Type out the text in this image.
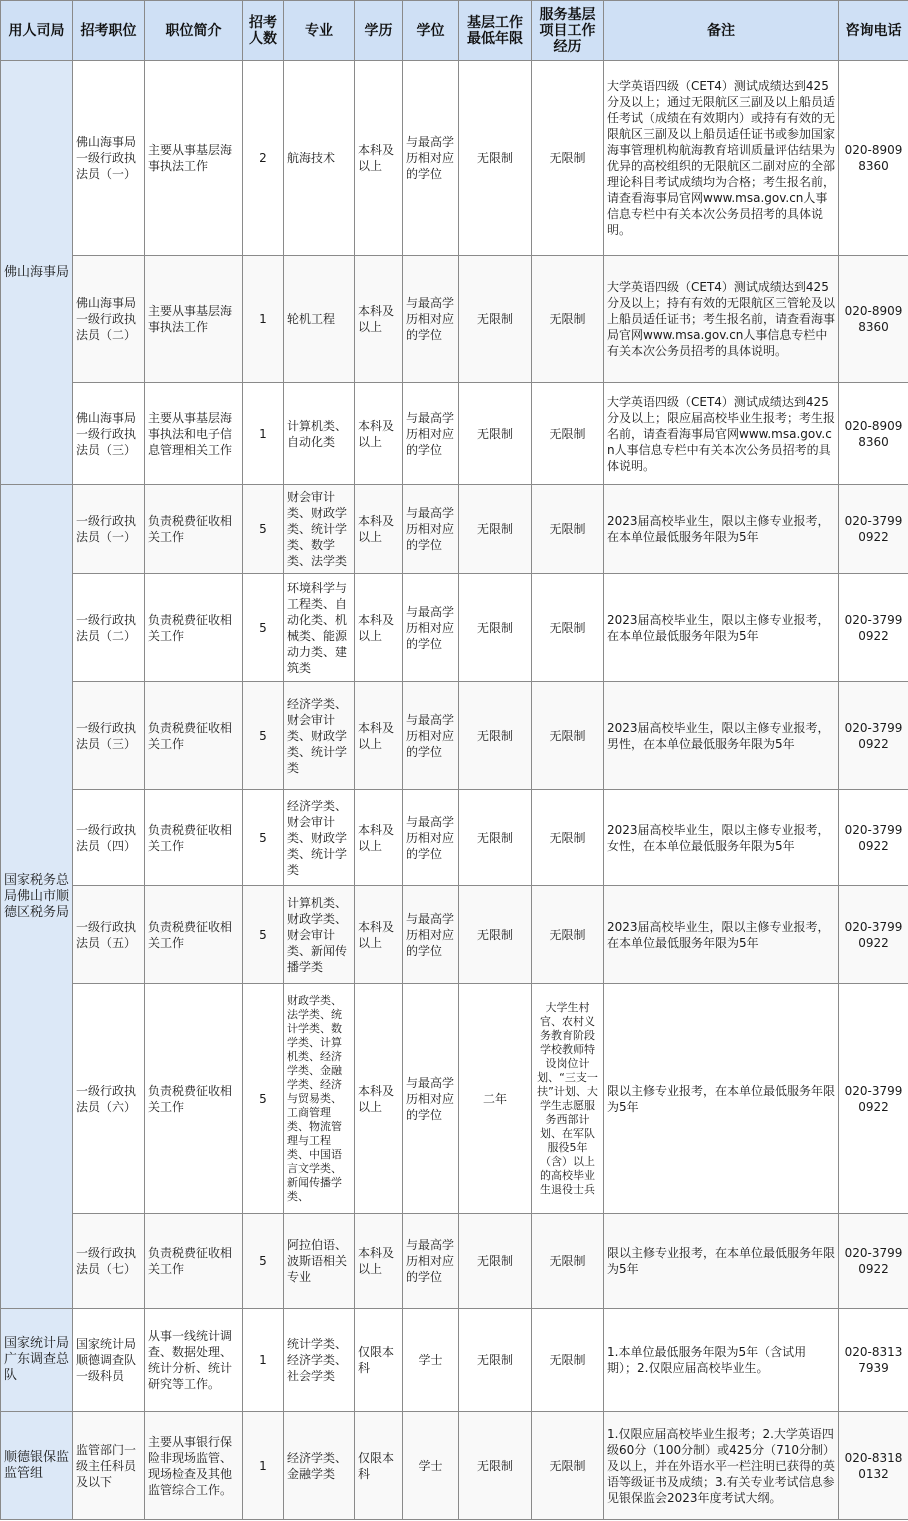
用人司局	招考职位	职位简介	招考人数	专业	学历	学位	基层工作最低年限	服务基层项目工作经历	备注	咨询电话
佛山海事局	佛山海事局一级行政执法员（一）	主要从事基层海事执法工作	2	航海技术	本科及以上	与最高学历相对应的学位	无限制	无限制	大学英语四级（CET4）测试成绩达到425分及以上；通过无限航区三副及以上船员适任考试（成绩在有效期内）或持有有效的无限航区三副及以上船员适任证书或参加国家海事管理机构航海教育培训质量评估结果为优异的高校组织的无限航区二副对应的全部理论科目考试成绩均为合格；考生报名前，请查看海事局官网www.msa.gov.cn人事信息专栏中有关本次公务员招考的具体说明。	020-89098360
	佛山海事局一级行政执法员（二）	主要从事基层海事执法工作	1	轮机工程	本科及以上	与最高学历相对应的学位	无限制	无限制	大学英语四级（CET4）测试成绩达到425分及以上；持有有效的无限航区三管轮及以上船员适任证书；考生报名前，请查看海事局官网www.msa.gov.cn人事信息专栏中有关本次公务员招考的具体说明。	020-89098360
	佛山海事局一级行政执法员（三）	主要从事基层海事执法和电子信息管理相关工作	1	计算机类、自动化类	本科及以上	与最高学历相对应的学位	无限制	无限制	大学英语四级（CET4）测试成绩达到425分及以上；限应届高校毕业生报考；考生报名前，请查看海事局官网www.msa.gov.cn人事信息专栏中有关本次公务员招考的具体说明。	020-89098360
国家税务总局佛山市顺德区税务局	一级行政执法员（一）	负责税费征收相关工作	5	财会审计类、财政学类、统计学类、数学类、法学类	本科及以上	与最高学历相对应的学位	无限制	无限制	2023届高校毕业生，限以主修专业报考，在本单位最低服务年限为5年	020-37990922
	一级行政执法员（二）	负责税费征收相关工作	5	环境科学与工程类、自动化类、机械类、能源动力类、建筑类	本科及以上	与最高学历相对应的学位	无限制	无限制	2023届高校毕业生，限以主修专业报考，在本单位最低服务年限为5年	020-37990922
	一级行政执法员（三）	负责税费征收相关工作	5	经济学类、财会审计类、财政学类、统计学类	本科及以上	与最高学历相对应的学位	无限制	无限制	2023届高校毕业生，限以主修专业报考，男性，在本单位最低服务年限为5年	020-37990922
	一级行政执法员（四）	负责税费征收相关工作	5	经济学类、财会审计类、财政学类、统计学类	本科及以上	与最高学历相对应的学位	无限制	无限制	2023届高校毕业生，限以主修专业报考，女性，在本单位最低服务年限为5年	020-37990922
	一级行政执法员（五）	负责税费征收相关工作	5	计算机类、财政学类、财会审计类、新闻传播学类	本科及以上	与最高学历相对应的学位	无限制	无限制	2023届高校毕业生，限以主修专业报考，在本单位最低服务年限为5年	020-37990922
	一级行政执法员（六）	负责税费征收相关工作	5	财政学类、法学类、统计学类、数学类、计算机类、经济学类、金融学类、经济与贸易类、工商管理类、物流管理与工程类、中国语言文学类、新闻传播学类、	本科及以上	与最高学历相对应的学位	二年	大学生村官、农村义务教育阶段学校教师特设岗位计划、“三支一扶”计划、大学生志愿服务西部计划、在军队服役5年（含）以上的高校毕业生退役士兵	限以主修专业报考，在本单位最低服务年限为5年	020-37990922
	一级行政执法员（七）	负责税费征收相关工作	5	阿拉伯语、波斯语相关专业	本科及以上	与最高学历相对应的学位	无限制	无限制	限以主修专业报考，在本单位最低服务年限为5年	020-37990922
国家统计局广东调查总队	国家统计局顺德调查队一级科员	从事一线统计调查、数据处理、统计分析、统计研究等工作。	1	统计学类、经济学类、社会学类	仅限本科	学士	无限制	无限制	1.本单位最低服务年限为5年（含试用期）；2.仅限应届高校毕业生。	020-83137939
顺德银保监监管组	监管部门一级主任科员及以下	主要从事银行保险非现场监管、现场检查及其他监管综合工作。	1	经济学类、金融学类	仅限本科	学士	无限制	无限制	1.仅限应届高校毕业生报考；2.大学英语四级60分（100分制）或425分（710分制）及以上，并在外语水平一栏注明已获得的英语等级证书及成绩；3.有关专业考试信息参见银保监会2023年度考试大纲。	020-83180132
